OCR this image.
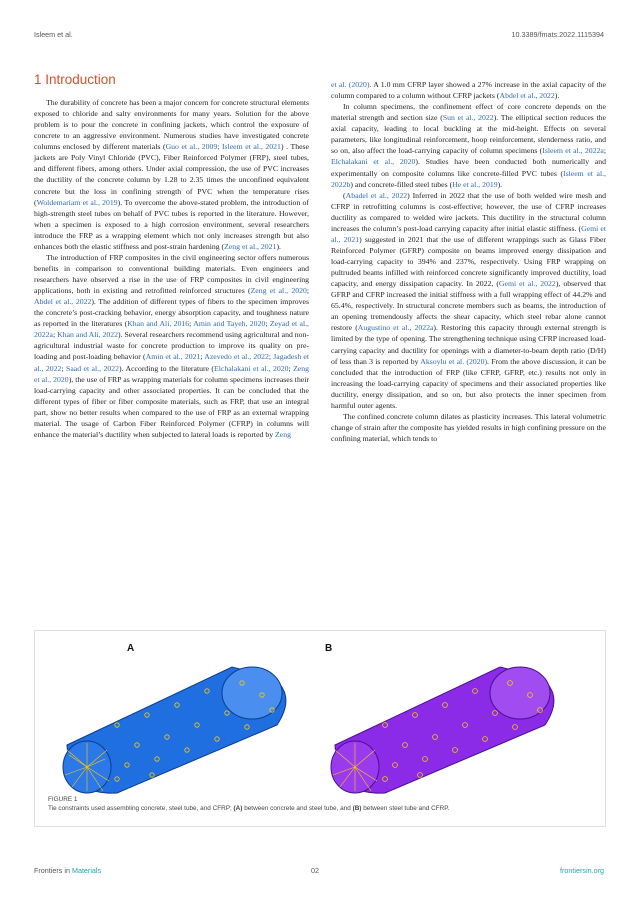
Isleem et al.	10.3389/fmats.2022.1115394
1 Introduction

The durability of concrete has been a major concern for concrete structural elements exposed to chloride and salty environments for many years. Solution for the above problem is to pour the concrete in confining jackets, which control the exposure of concrete to an aggressive environment. Numerous studies have investigated concrete columns enclosed by different materials (Guo et al., 2009; Isleem et al., 2021) . These jackets are Poly Vinyl Chloride (PVC), Fiber Reinforced Polymer (FRP), steel tubes, and different fibers, among others. Under axial compression, the use of PVC increases the ductility of the concrete column by 1.28 to 2.35 times the unconfined equivalent concrete but the loss in confining strength of PVC when the temperature rises (Woldemariam et al., 2019). To overcome the above-stated problem, the introduction of high-strength steel tubes on behalf of PVC tubes is reported in the literature. However, when a specimen is exposed to a high corrosion environment, several researchers introduce the FRP as a wrapping element which not only increases strength but also enhances both the elastic stiffness and post-strain hardening (Zeng et al., 2021).

The introduction of FRP composites in the civil engineering sector offers numerous benefits in comparison to conventional building materials. Even engineers and researchers have observed a rise in the use of FRP composites in civil engineering applications, both in existing and retrofitted reinforced structures (Zeng et al., 2020; Abdel et al., 2022). The addition of different types of fibers to the specimen improves the concrete’s post-cracking behavior, energy absorption capacity, and toughness nature as reported in the literatures (Khan and Ali, 2016; Amin and Tayeh, 2020; Zeyad et al., 2022a; Khan and Ali, 2022). Several researchers recommend using agricultural and non-agricultural industrial waste for concrete production to improve its quality on pre-loading and post-loading behavior (Amin et al., 2021; Azevedo et al., 2022; Jagadesh et al., 2022; Saad et al., 2022). According to the literature (Elchalakani et al., 2020; Zeng et al., 2020), the use of FRP as wrapping materials for column specimens increases their load-carrying capacity and other associated properties. It can be concluded that the different types of fiber or fiber composite materials, such as FRP, that use an integral part, show no better results when compared to the use of FRP as an external wrapping material. The usage of Carbon Fiber Reinforced Polymer (CFRP) in columns will enhance the material’s ductility when subjected to lateral loads is reported by Zeng

et al. (2020). A 1.0 mm CFRP layer showed a 27% increase in the axial capacity of the column compared to a column without CFRP jackets (Abdel et al., 2022).

In column specimens, the confinement effect of core concrete depends on the material strength and section size (Sun et al., 2022). The elliptical section reduces the axial capacity, leading to local buckling at the mid-height. Effects on several parameters, like longitudinal reinforcement, hoop reinforcement, slenderness ratio, and so on, also affect the load-carrying capacity of column specimens (Isleem et al., 2022a; Elchalakani et al., 2020). Studies have been conducted both numerically and experimentally on composite columns like concrete-filled PVC tubes (Isleem et al., 2022b) and concrete-filled steel tubes (He et al., 2019).

(Abadel et al., 2022) Inferred in 2022 that the use of both welded wire mesh and CFRP in retrofitting columns is cost-effective; however, the use of CFRP increases ductility as compared to welded wire jackets. This ductility in the structural column increases the column’s post-load carrying capacity after initial elastic stiffness. (Gemi et al., 2021) suggested in 2021 that the use of different wrappings such as Glass Fiber Reinforced Polymer (GFRP) composite on beams improved energy dissipation and load-carrying capacity to 394% and 237%, respectively. Using FRP wrapping on pultruded beams infilled with reinforced concrete significantly improved ductility, load capacity, and energy dissipation capacity. In 2022, (Gemi et al., 2022), observed that GFRP and CFRP increased the initial stiffness with a full wrapping effect of 44.2% and 65.4%, respectively. In structural concrete members such as beams, the introduction of an opening tremendously affects the shear capacity, which steel rebar alone cannot restore (Augustino et al., 2022a). Restoring this capacity through external strength is limited by the type of opening. The strengthening technique using CFRP increased load-carrying capacity and ductility for openings with a diameter-to-beam depth ratio (D/H) of less than 3 is reported by Aksoylu et al. (2020). From the above discussion, it can be concluded that the introduction of FRP (like CFRP, GFRP, etc.) results not only in increasing the load-carrying capacity of specimens and their associated properties like ductility, energy dissipation, and so on, but also protects the inner specimen from harmful outer agents.

The confined concrete column dilates as plasticity increases. This lateral volumetric change of strain after the composite has yielded results in high confining pressure on the confining material, which tends to

A	B
FIGURE 1
Tie constraints used assembling concrete, steel tube, and CFRP; (A) between concrete and steel tube, and (B) between steel tube and CFRP.
Frontiers in Materials	02	frontiersin.org
